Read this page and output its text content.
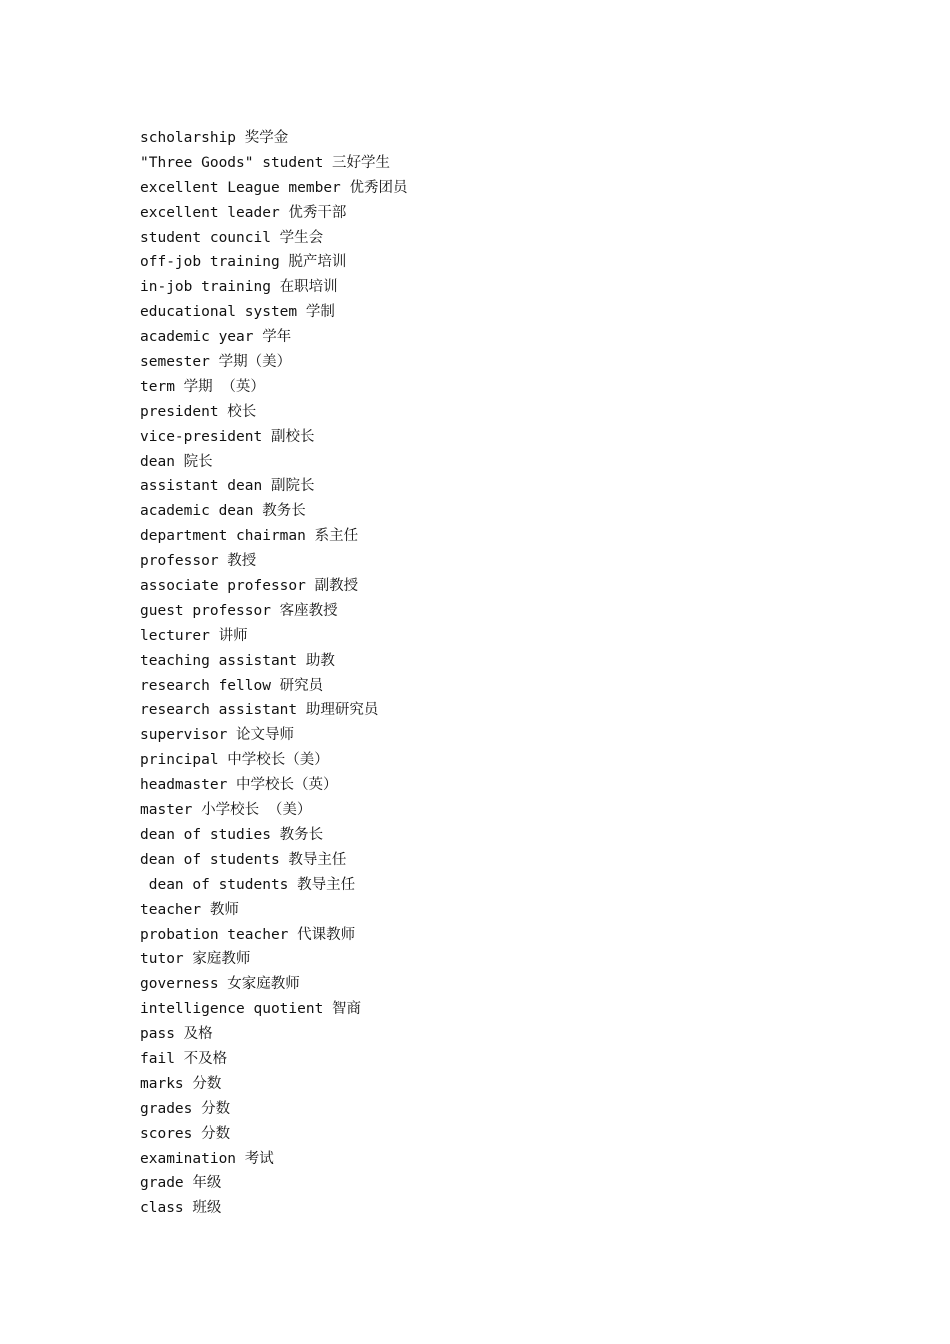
scholarship 奖学金
"Three Goods" student 三好学生
excellent League member 优秀团员
excellent leader 优秀干部
student council 学生会
off-job training 脱产培训
in-job training 在职培训
educational system 学制
academic year 学年
semester 学期（美）
term 学期 （英）
president 校长
vice-president 副校长
dean 院长
assistant dean 副院长
academic dean 教务长
department chairman 系主任
professor 教授
associate professor 副教授
guest professor 客座教授
lecturer 讲师
teaching assistant 助教
research fellow 研究员
research assistant 助理研究员
supervisor 论文导师
principal 中学校长（美）
headmaster 中学校长（英）
master 小学校长 （美）
dean of studies 教务长
dean of students 教导主任
dean of students 教导主任
teacher 教师
probation teacher 代课教师
tutor 家庭教师
governess 女家庭教师
intelligence quotient 智商
pass 及格
fail 不及格
marks 分数
grades 分数
scores 分数
examination 考试
grade 年级
class 班级
